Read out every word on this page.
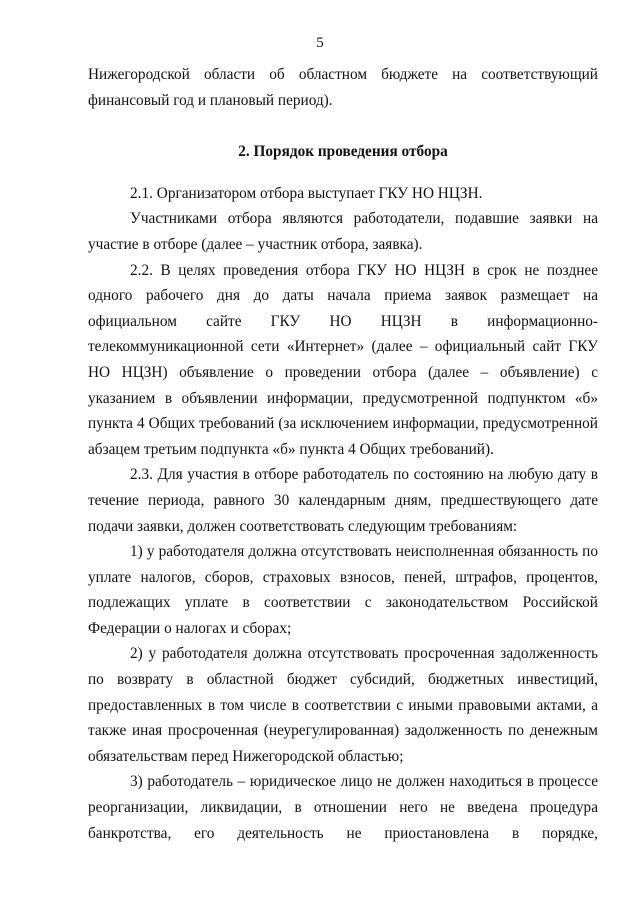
5

Нижегородской области об областном бюджете на соответствующий финансовый год и плановый период).

2. Порядок проведения отбора

2.1. Организатором отбора выступает ГКУ НО НЦЗН.

Участниками отбора являются работодатели, подавшие заявки на участие в отборе (далее – участник отбора, заявка).

2.2. В целях проведения отбора ГКУ НО НЦЗН в срок не позднее одного рабочего дня до даты начала приема заявок размещает на официальном сайте ГКУ НО НЦЗН в информационно-телекоммуникационной сети «Интернет» (далее – официальный сайт ГКУ НО НЦЗН) объявление о проведении отбора (далее – объявление) с указанием в объявлении информации, предусмотренной подпунктом «б» пункта 4 Общих требований (за исключением информации, предусмотренной абзацем третьим подпункта «б» пункта 4 Общих требований).

2.3. Для участия в отборе работодатель по состоянию на любую дату в течение периода, равного 30 календарным дням, предшествующего дате подачи заявки, должен соответствовать следующим требованиям:

1) у работодателя должна отсутствовать неисполненная обязанность по уплате налогов, сборов, страховых взносов, пеней, штрафов, процентов, подлежащих уплате в соответствии с законодательством Российской Федерации о налогах и сборах;

2) у работодателя должна отсутствовать просроченная задолженность по возврату в областной бюджет субсидий, бюджетных инвестиций, предоставленных в том числе в соответствии с иными правовыми актами, а также иная просроченная (неурегулированная) задолженность по денежным обязательствам перед Нижегородской областью;

3) работодатель – юридическое лицо не должен находиться в процессе реорганизации, ликвидации, в отношении него не введена процедура банкротства, его деятельность не приостановлена в порядке,
